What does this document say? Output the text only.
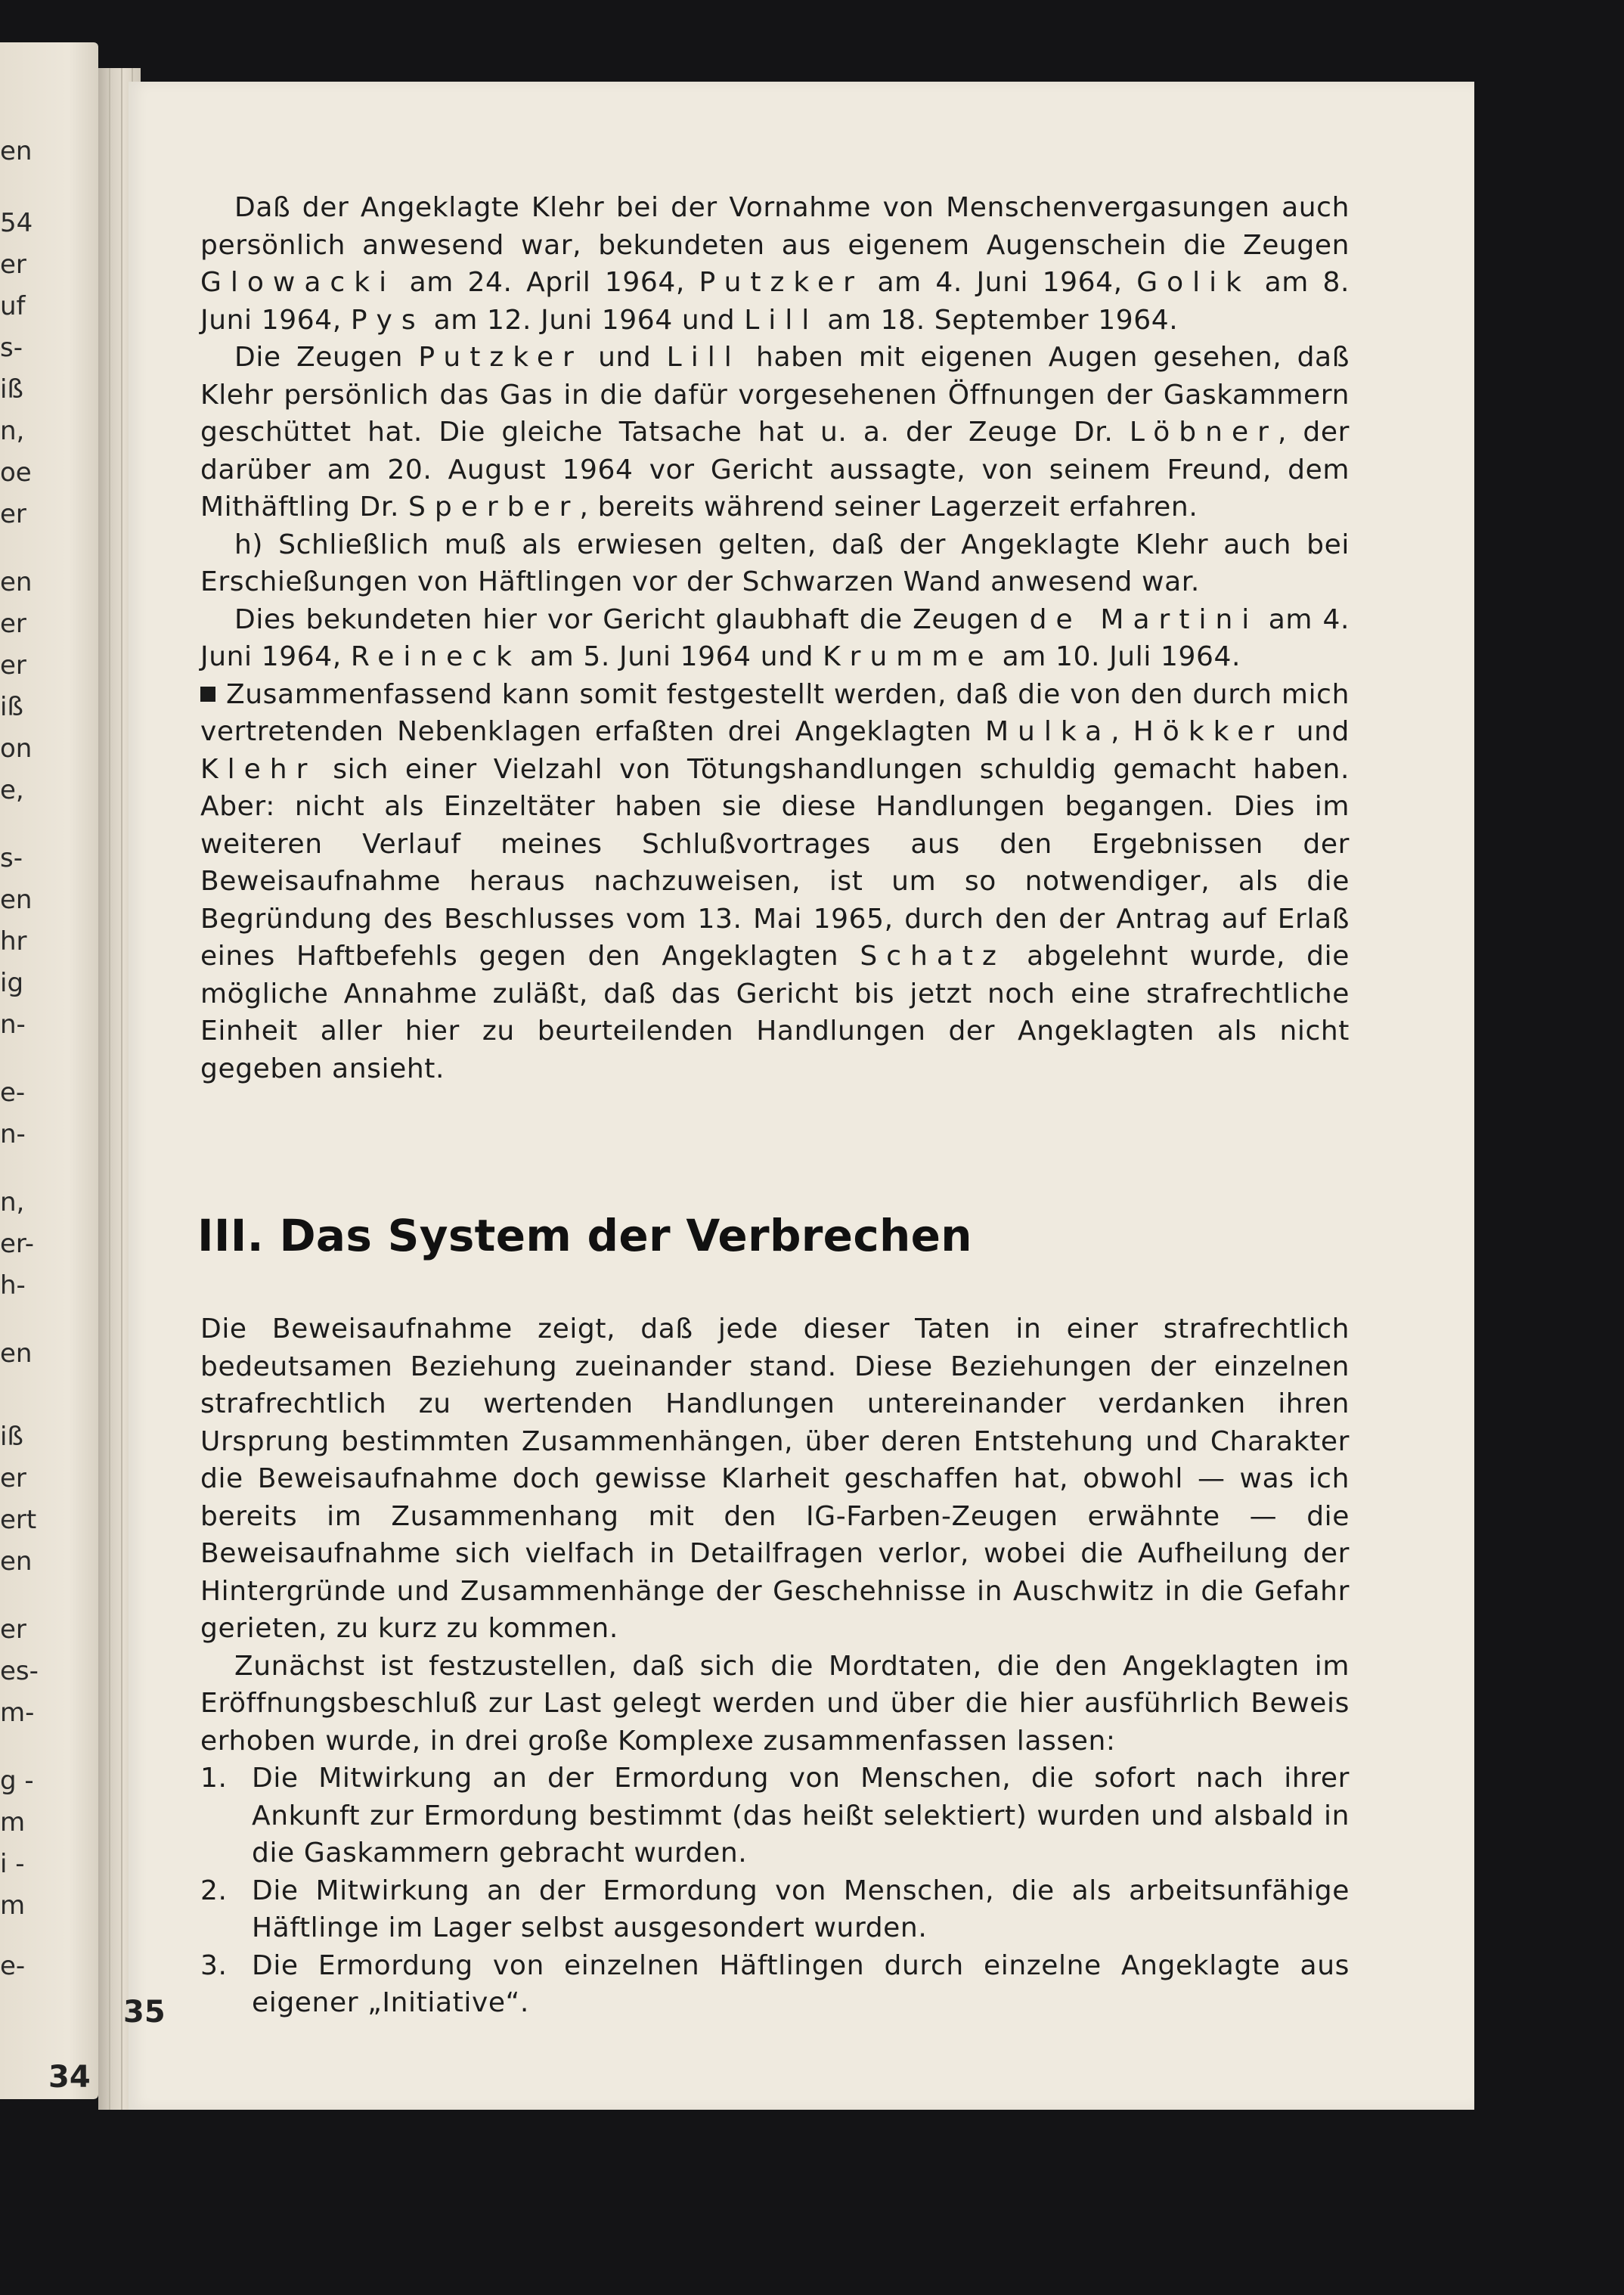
en
54
er
uf
s-
iß
n,
oe
er
en
er
er
iß
on
e,
s-
en
hr
ig
n-
e-
n-
n,
er-
h-
en
iß
er
ert
en
er
es-
m-
g -
m
i -
m
e-
34

Daß der Angeklagte Klehr bei der Vornahme von Menschenvergasungen auch persönlich anwesend war, bekundeten aus eigenem Augenschein die Zeugen Glowacki am 24. April 1964, Putzker am 4. Juni 1964, Golik am 8. Juni 1964, Pys am 12. Juni 1964 und Lill am 18. September 1964.

Die Zeugen Putzker und Lill haben mit eigenen Augen gesehen, daß Klehr persönlich das Gas in die dafür vorgesehenen Öffnungen der Gaskammern geschüttet hat. Die gleiche Tatsache hat u. a. der Zeuge Dr. Löbner, der darüber am 20. August 1964 vor Gericht aussagte, von seinem Freund, dem Mithäftling Dr. Sperber, bereits während seiner Lagerzeit erfahren.

h) Schließlich muß als erwiesen gelten, daß der Angeklagte Klehr auch bei Erschießungen von Häftlingen vor der Schwarzen Wand anwesend war.

Dies bekundeten hier vor Gericht glaubhaft die Zeugen de Martini am 4. Juni 1964, Reineck am 5. Juni 1964 und Krumme am 10. Juli 1964.

Zusammenfassend kann somit festgestellt werden, daß die von den durch mich vertretenden Nebenklagen erfaßten drei Angeklagten Mulka, Hökker und Klehr sich einer Vielzahl von Tötungshandlungen schuldig gemacht haben. Aber: nicht als Einzeltäter haben sie diese Handlungen begangen. Dies im weiteren Verlauf meines Schlußvortrages aus den Ergebnissen der Beweisaufnahme heraus nachzuweisen, ist um so notwendiger, als die Begründung des Beschlusses vom 13. Mai 1965, durch den der Antrag auf Erlaß eines Haftbefehls gegen den Angeklagten Schatz abgelehnt wurde, die mögliche Annahme zuläßt, daß das Gericht bis jetzt noch eine strafrechtliche Einheit aller hier zu beurteilenden Handlungen der Angeklagten als nicht gegeben ansieht.

III. Das System der Verbrechen

Die Beweisaufnahme zeigt, daß jede dieser Taten in einer strafrechtlich bedeutsamen Beziehung zueinander stand. Diese Beziehungen der einzelnen strafrechtlich zu wertenden Handlungen untereinander verdanken ihren Ursprung bestimmten Zusammenhängen, über deren Entstehung und Charakter die Beweisaufnahme doch gewisse Klarheit geschaffen hat, obwohl — was ich bereits im Zusammenhang mit den IG-Farben-Zeugen erwähnte — die Beweisaufnahme sich vielfach in Detailfragen verlor, wobei die Aufheilung der Hintergründe und Zusammenhänge der Geschehnisse in Auschwitz in die Gefahr gerieten, zu kurz zu kommen.

Zunächst ist festzustellen, daß sich die Mordtaten, die den Angeklagten im Eröffnungsbeschluß zur Last gelegt werden und über die hier ausführlich Beweis erhoben wurde, in drei große Komplexe zusammenfassen lassen:

1. Die Mitwirkung an der Ermordung von Menschen, die sofort nach ihrer Ankunft zur Ermordung bestimmt (das heißt selektiert) wurden und alsbald in die Gaskammern gebracht wurden.
2. Die Mitwirkung an der Ermordung von Menschen, die als arbeitsunfähige Häftlinge im Lager selbst ausgesondert wurden.
3. Die Ermordung von einzelnen Häftlingen durch einzelne Angeklagte aus eigener „Initiative“.
35
